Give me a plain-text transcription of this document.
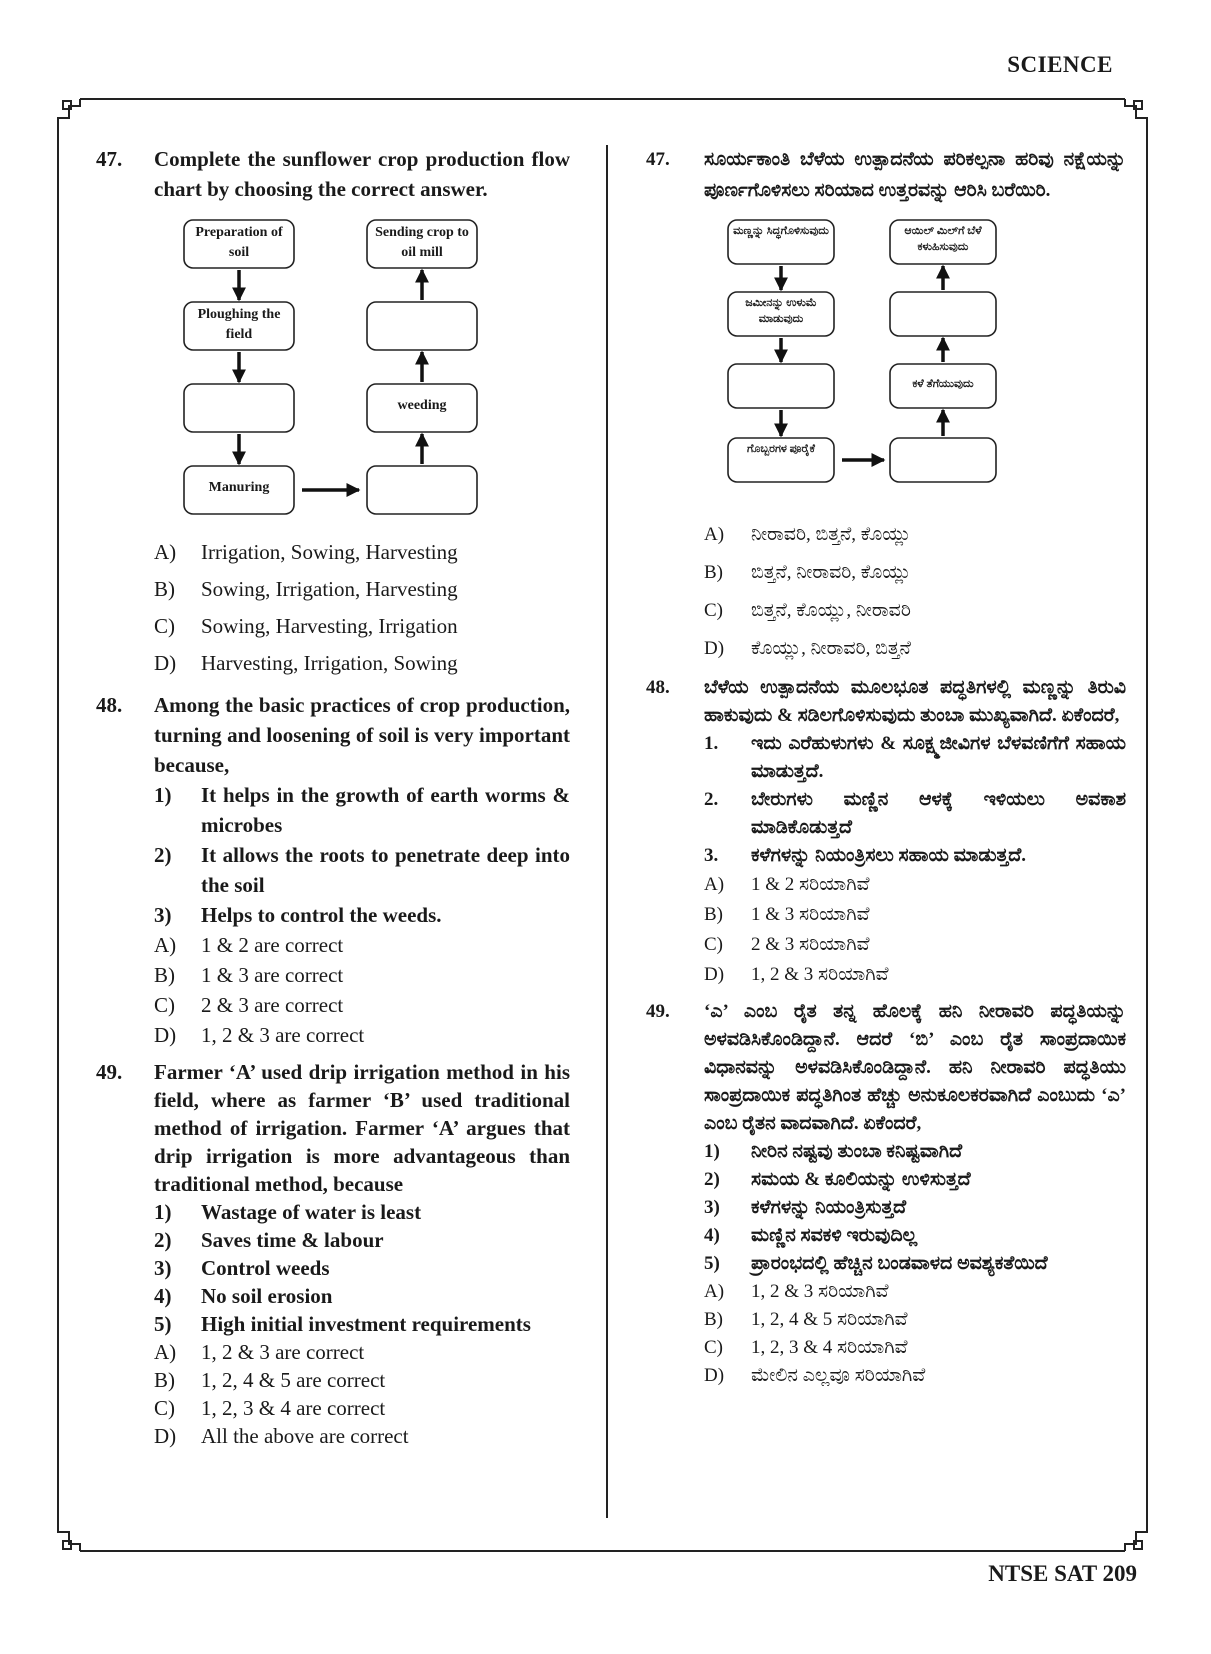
SCIENCE
47. Complete the sunflower crop production flow chart by choosing the correct answer.
Preparation of soil
Ploughing the field
Manuring
Sending crop to oil mill
weeding
A) Irrigation, Sowing, Harvesting
B) Sowing, Irrigation, Harvesting
C) Sowing, Harvesting, Irrigation
D) Harvesting, Irrigation, Sowing
48. Among the basic practices of crop production, turning and loosening of soil is very important because,
1) It helps in the growth of earth worms & microbes
2) It allows the roots to penetrate deep into the soil
3) Helps to control the weeds.
A) 1 & 2 are correct
B) 1 & 3 are correct
C) 2 & 3 are correct
D) 1, 2 & 3 are correct
49. Farmer ‘A’ used drip irrigation method in his field, where as farmer ‘B’ used traditional method of irrigation. Farmer ‘A’ argues that drip irrigation is more advantageous than traditional method, because
1) Wastage of water is least
2) Saves time & labour
3) Control weeds
4) No soil erosion
5) High initial investment requirements
A) 1, 2 & 3 are correct
B) 1, 2, 4 & 5 are correct
C) 1, 2, 3 & 4 are correct
D) All the above are correct
47. ಸೂರ್ಯಕಾಂತಿ ಬೆಳೆಯ ಉತ್ಪಾದನೆಯ ಪರಿಕಲ್ಪನಾ ಹರಿವು ನಕ್ಷೆಯನ್ನು ಪೂರ್ಣಗೊಳಿಸಲು ಸರಿಯಾದ ಉತ್ತರವನ್ನು ಆರಿಸಿ ಬರೆಯಿರಿ.
ಮಣ್ಣನ್ನು ಸಿದ್ಧಗೊಳಿಸುವುದು
ಜಮೀನನ್ನು ಉಳುಮೆ ಮಾಡುವುದು
ಗೊಬ್ಬರಗಳ ಪೂರೈಕೆ
ಆಯಿಲ್ ಮಿಲ್‌ಗೆ ಬೆಳೆ ಕಳುಹಿಸುವುದು
ಕಳೆ ತೆಗೆಯುವುದು
A) ನೀರಾವರಿ, ಬಿತ್ತನೆ, ಕೊಯ್ಲು
B) ಬಿತ್ತನೆ, ನೀರಾವರಿ, ಕೊಯ್ಲು
C) ಬಿತ್ತನೆ, ಕೊಯ್ಲು, ನೀರಾವರಿ
D) ಕೊಯ್ಲು, ನೀರಾವರಿ, ಬಿತ್ತನೆ
48. ಬೆಳೆಯ ಉತ್ಪಾದನೆಯ ಮೂಲಭೂತ ಪದ್ಧತಿಗಳಲ್ಲಿ ಮಣ್ಣನ್ನು ತಿರುವಿ ಹಾಕುವುದು & ಸಡಿಲಗೊಳಿಸುವುದು ತುಂಬಾ ಮುಖ್ಯವಾಗಿದೆ. ಏಕೆಂದರೆ,
1. ಇದು ಎರೆಹುಳುಗಳು & ಸೂಕ್ಷ್ಮಜೀವಿಗಳ ಬೆಳವಣಿಗೆಗೆ ಸಹಾಯ ಮಾಡುತ್ತದೆ.
2. ಬೇರುಗಳು ಮಣ್ಣಿನ ಆಳಕ್ಕೆ ಇಳಿಯಲು ಅವಕಾಶ ಮಾಡಿಕೊಡುತ್ತದೆ
3. ಕಳೆಗಳನ್ನು ನಿಯಂತ್ರಿಸಲು ಸಹಾಯ ಮಾಡುತ್ತದೆ.
A) 1 & 2 ಸರಿಯಾಗಿವೆ
B) 1 & 3 ಸರಿಯಾಗಿವೆ
C) 2 & 3 ಸರಿಯಾಗಿವೆ
D) 1, 2 & 3 ಸರಿಯಾಗಿವೆ
49. ‘ಎ’ ಎಂಬ ರೈತ ತನ್ನ ಹೊಲಕ್ಕೆ ಹನಿ ನೀರಾವರಿ ಪದ್ಧತಿಯನ್ನು ಅಳವಡಿಸಿಕೊಂಡಿದ್ದಾನೆ. ಆದರೆ ‘ಬಿ’ ಎಂಬ ರೈತ ಸಾಂಪ್ರದಾಯಿಕ ವಿಧಾನವನ್ನು ಅಳವಡಿಸಿಕೊಂಡಿದ್ದಾನೆ. ಹನಿ ನೀರಾವರಿ ಪದ್ಧತಿಯು ಸಾಂಪ್ರದಾಯಿಕ ಪದ್ಧತಿಗಿಂತ ಹೆಚ್ಚು ಅನುಕೂಲಕರವಾಗಿದೆ ಎಂಬುದು ‘ಎ’ ಎಂಬ ರೈತನ ವಾದವಾಗಿದೆ. ಏಕೆಂದರೆ,
1) ನೀರಿನ ನಷ್ಟವು ತುಂಬಾ ಕನಿಷ್ಟವಾಗಿದೆ
2) ಸಮಯ & ಕೂಲಿಯನ್ನು ಉಳಿಸುತ್ತದೆ
3) ಕಳೆಗಳನ್ನು ನಿಯಂತ್ರಿಸುತ್ತದೆ
4) ಮಣ್ಣಿನ ಸವಕಳಿ ಇರುವುದಿಲ್ಲ
5) ಪ್ರಾರಂಭದಲ್ಲಿ ಹೆಚ್ಚಿನ ಬಂಡವಾಳದ ಅವಶ್ಯಕತೆಯಿದೆ
A) 1, 2 & 3 ಸರಿಯಾಗಿವೆ
B) 1, 2, 4 & 5 ಸರಿಯಾಗಿವೆ
C) 1, 2, 3 & 4 ಸರಿಯಾಗಿವೆ
D) ಮೇಲಿನ ಎಲ್ಲವೂ ಸರಿಯಾಗಿವೆ
NTSE SAT 209
